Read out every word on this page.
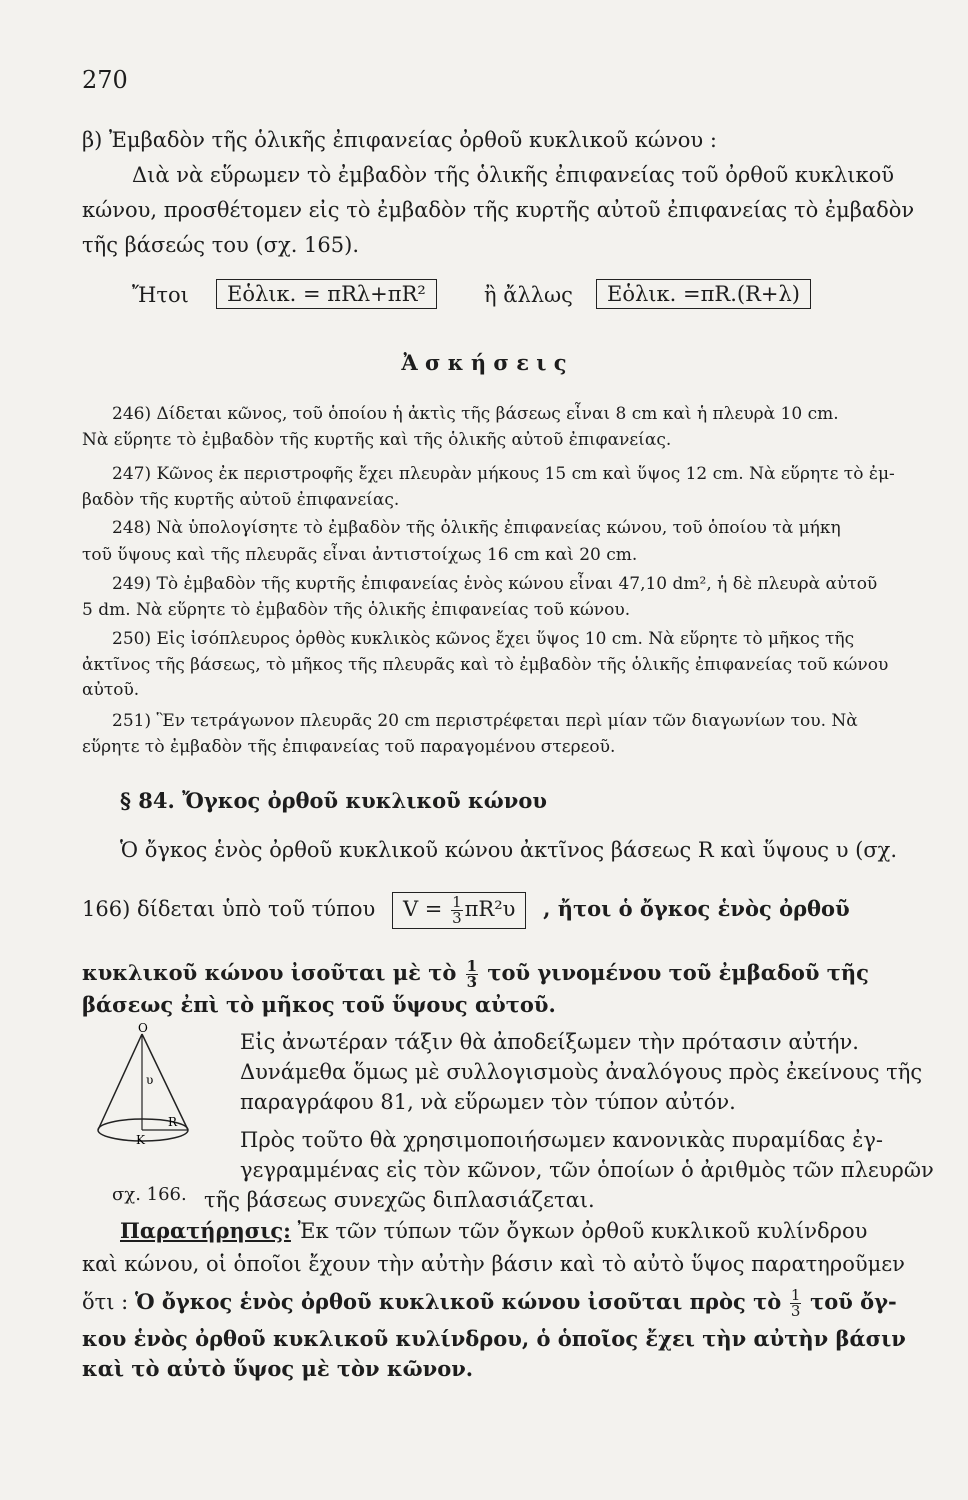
270
β) Ἐμβαδὸν τῆς ὁλικῆς ἐπιφανείας ὀρθοῦ κυκλικοῦ κώνου :
Διὰ νὰ εὕρωμεν τὸ ἐμβαδὸν τῆς ὁλικῆς ἐπιφανείας τοῦ ὀρθοῦ κυκλικοῦ
κώνου, προσθέτομεν εἰς τὸ ἐμβαδὸν τῆς κυρτῆς αὐτοῦ ἐπιφανείας τὸ ἐμβαδὸν
τῆς βάσεώς του (σχ. 165).
Ἤτοι	Εὁλικ. = πRλ+πR²	ἢ ἄλλως	Εὁλικ. =πR.(R+λ)
Ἀ σ κ ή σ ε ι ς
246) Δίδεται κῶνος, τοῦ ὁποίου ἡ ἀκτὶς τῆς βάσεως εἶναι 8 cm καὶ ἡ πλευρὰ 10 cm.
Νὰ εὕρητε τὸ ἐμβαδὸν τῆς κυρτῆς καὶ τῆς ὁλικῆς αὐτοῦ ἐπιφανείας.
247) Κῶνος ἐκ περιστροφῆς ἔχει πλευρὰν μήκους 15 cm καὶ ὕψος 12 cm. Νὰ εὕρητε τὸ ἐμ-
βαδὸν τῆς κυρτῆς αὐτοῦ ἐπιφανείας.
248) Νὰ ὑπολογίσητε τὸ ἐμβαδὸν τῆς ὁλικῆς ἐπιφανείας κώνου, τοῦ ὁποίου τὰ μήκη
τοῦ ὕψους καὶ τῆς πλευρᾶς εἶναι ἀντιστοίχως 16 cm καὶ 20 cm.
249) Τὸ ἐμβαδὸν τῆς κυρτῆς ἐπιφανείας ἑνὸς κώνου εἶναι 47,10 dm², ἡ δὲ πλευρὰ αὐτοῦ
5 dm. Νὰ εὕρητε τὸ ἐμβαδὸν τῆς ὁλικῆς ἐπιφανείας τοῦ κώνου.
250) Εἰς ἰσόπλευρος ὀρθὸς κυκλικὸς κῶνος ἔχει ὕψος 10 cm. Νὰ εὕρητε τὸ μῆκος τῆς
ἀκτῖνος τῆς βάσεως, τὸ μῆκος τῆς πλευρᾶς καὶ τὸ ἐμβαδὸν τῆς ὁλικῆς ἐπιφανείας τοῦ κώνου
αὐτοῦ.
251) Ἓν τετράγωνον πλευρᾶς 20 cm περιστρέφεται περὶ μίαν τῶν διαγωνίων του. Νὰ
εὕρητε τὸ ἐμβαδὸν τῆς ἐπιφανείας τοῦ παραγομένου στερεοῦ.
§ 84. Ὄγκος ὀρθοῦ κυκλικοῦ κώνου
Ὁ ὄγκος ἑνὸς ὀρθοῦ κυκλικοῦ κώνου ἀκτῖνος βάσεως R καὶ ὕψους υ (σχ.
166) δίδεται ὑπὸ τοῦ τύπου $V = \frac{1}{3} \pi R^2\upsilon$ , ἤτοι ὁ ὄγκος ἑνὸς ὀρθοῦ
κυκλικοῦ κώνου ἰσοῦται μὲ τὸ $\frac{1}{3}$ τοῦ γινομένου τοῦ ἐμβαδοῦ τῆς
βάσεως ἐπὶ τὸ μῆκος τοῦ ὕψους αὐτοῦ.
O
υ
K
R
Εἰς ἀνωτέραν τάξιν θὰ ἀποδείξωμεν τὴν πρότασιν αὐτήν.
Δυνάμεθα ὅμως μὲ συλλογισμοὺς ἀναλόγους πρὸς ἐκείνους τῆς
παραγράφου 81, νὰ εὕρωμεν τὸν τύπον αὐτόν.
Πρὸς τοῦτο θὰ χρησιμοποιήσωμεν κανονικὰς πυραμίδας ἐγ-
γεγραμμένας εἰς τὸν κῶνον, τῶν ὁποίων ὁ ἀριθμὸς τῶν πλευρῶν
σχ. 166. τῆς βάσεως συνεχῶς διπλασιάζεται.
Παρατήρησις: Ἐκ τῶν τύπων τῶν ὄγκων ὀρθοῦ κυκλικοῦ κυλίνδρου
καὶ κώνου, οἱ ὁποῖοι ἔχουν τὴν αὐτὴν βάσιν καὶ τὸ αὐτὸ ὕψος παρατηροῦμεν
ὅτι : Ὁ ὄγκος ἑνὸς ὀρθοῦ κυκλικοῦ κώνου ἰσοῦται πρὸς τὸ $\frac{1}{3}$ τοῦ ὄγ-
κου ἑνὸς ὀρθοῦ κυκλικοῦ κυλίνδρου, ὁ ὁποῖος ἔχει τὴν αὐτὴν βάσιν
καὶ τὸ αὐτὸ ὕψος μὲ τὸν κῶνον.
